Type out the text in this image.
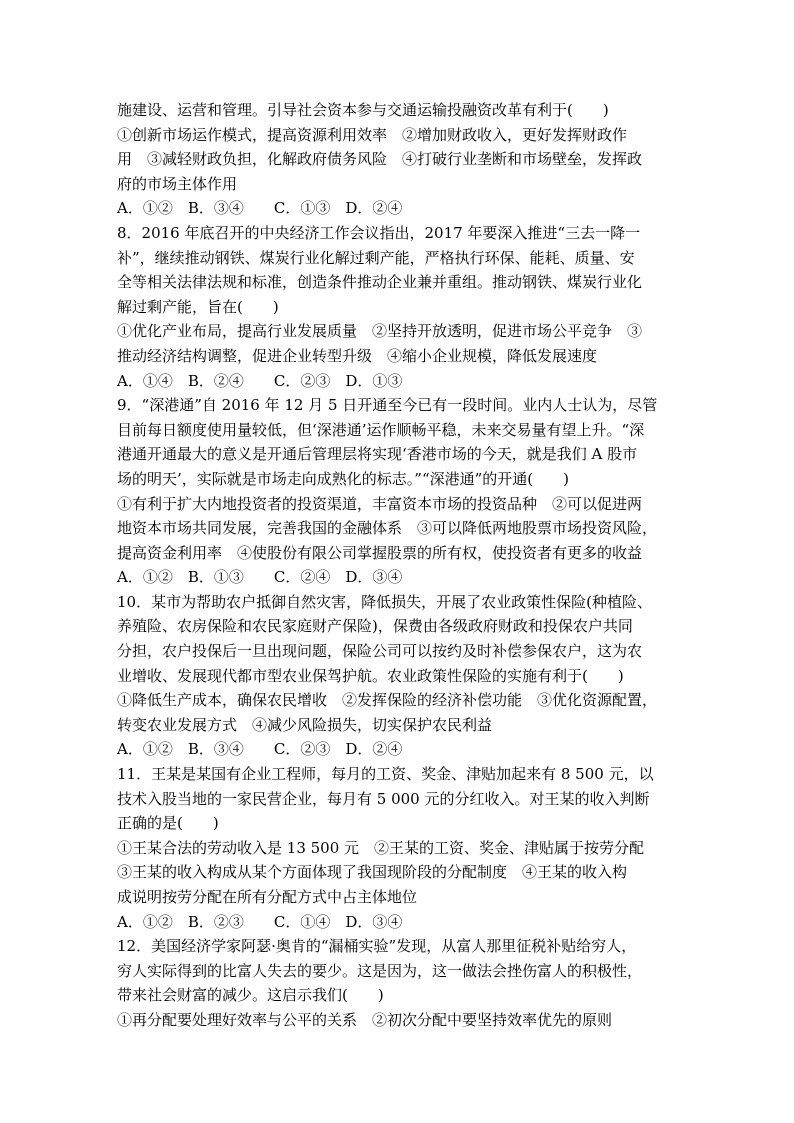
施建设、运营和管理。引导社会资本参与交通运输投融资改革有利于(　　)
①创新市场运作模式，提高资源利用效率　②增加财政收入，更好发挥财政作
用　③减轻财政负担，化解政府债务风险　④打破行业垄断和市场壁垒，发挥政
府的市场主体作用
A．①②　B．③④　　C．①③　D．②④
8．2016 年底召开的中央经济工作会议指出，2017 年要深入推进“三去一降一
补”，继续推动钢铁、煤炭行业化解过剩产能，严格执行环保、能耗、质量、安
全等相关法律法规和标准，创造条件推动企业兼并重组。推动钢铁、煤炭行业化
解过剩产能，旨在(　　)
①优化产业布局，提高行业发展质量　②坚持开放透明，促进市场公平竞争　③
推动经济结构调整，促进企业转型升级　④缩小企业规模，降低发展速度
A．①④　B．②④　　C．②③　D．①③
9．“深港通”自 2016 年 12 月 5 日开通至今已有一段时间。业内人士认为，尽管
目前每日额度使用量较低，但‘深港通’运作顺畅平稳，未来交易量有望上升。“深
港通开通最大的意义是开通后管理层将实现‘香港市场的今天，就是我们 A 股市
场的明天’，实际就是市场走向成熟化的标志。”“深港通”的开通(　　)
①有利于扩大内地投资者的投资渠道，丰富资本市场的投资品种　②可以促进两
地资本市场共同发展，完善我国的金融体系　③可以降低两地股票市场投资风险，
提高资金利用率　④使股份有限公司掌握股票的所有权，使投资者有更多的收益
A．①②　B．①③　　C．②④　D．③④
10．某市为帮助农户抵御自然灾害，降低损失，开展了农业政策性保险(种植险、
养殖险、农房保险和农民家庭财产保险)，保费由各级政府财政和投保农户共同
分担，农户投保后一旦出现问题，保险公司可以按约及时补偿参保农户，这为农
业增收、发展现代都市型农业保驾护航。农业政策性保险的实施有利于(　　)
①降低生产成本，确保农民增收　②发挥保险的经济补偿功能　③优化资源配置，
转变农业发展方式　④减少风险损失，切实保护农民利益
A．①②　B．③④　　C．②③　D．②④
11．王某是某国有企业工程师，每月的工资、奖金、津贴加起来有 8 500 元，以
技术入股当地的一家民营企业，每月有 5 000 元的分红收入。对王某的收入判断
正确的是(　　)
①王某合法的劳动收入是 13 500 元　②王某的工资、奖金、津贴属于按劳分配
③王某的收入构成从某个方面体现了我国现阶段的分配制度　④王某的收入构
成说明按劳分配在所有分配方式中占主体地位
A．①②　B．②③　　C．①④　D．③④
12．美国经济学家阿瑟·奥肯的“漏桶实验”发现，从富人那里征税补贴给穷人，
穷人实际得到的比富人失去的要少。这是因为，这一做法会挫伤富人的积极性，
带来社会财富的减少。这启示我们(　　)
①再分配要处理好效率与公平的关系　②初次分配中要坚持效率优先的原则
